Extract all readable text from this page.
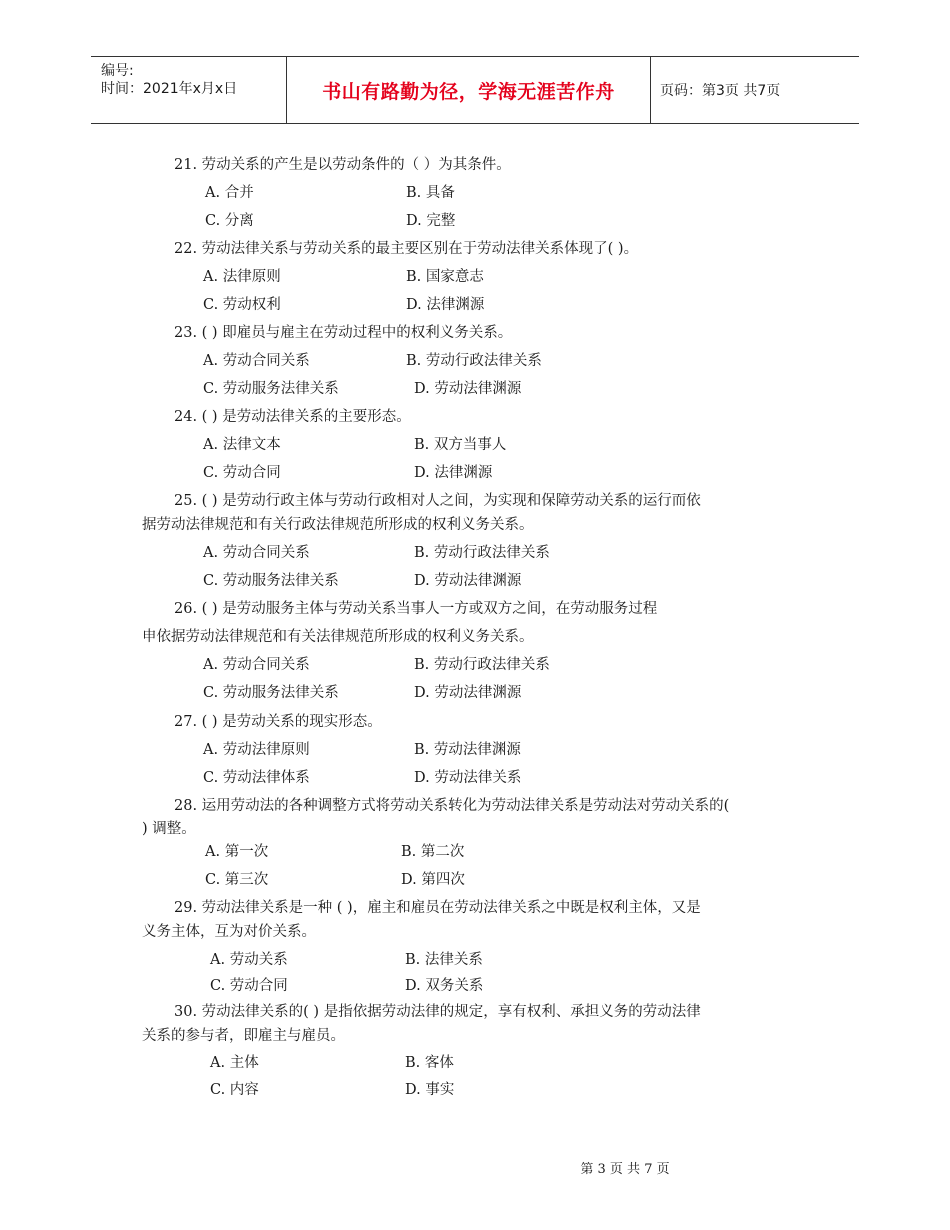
编号:
时间：2021年x月x日	书山有路勤为径，学海无涯苦作舟	页码：第3页 共7页
21. 劳动关系的产生是以劳动条件的（ ）为其条件。
A. 合并	B. 具备
C. 分离	D. 完整
22. 劳动法律关系与劳动关系的最主要区别在于劳动法律关系体现了( )。
A. 法律原则	B. 国家意志
C. 劳动权利	D. 法律渊源
23. ( ) 即雇员与雇主在劳动过程中的权利义务关系。
A. 劳动合同关系	B. 劳动行政法律关系
C. 劳动服务法律关系	D. 劳动法律渊源
24. ( ) 是劳动法律关系的主要形态。
A. 法律文本	B. 双方当事人
C. 劳动合同	D. 法律渊源
25. ( ) 是劳动行政主体与劳动行政相对人之间，为实现和保障劳动关系的运行而依
据劳动法律规范和有关行政法律规范所形成的权利义务关系。
A. 劳动合同关系	B. 劳动行政法律关系
C. 劳动服务法律关系	D. 劳动法律渊源
26. ( ) 是劳动服务主体与劳动关系当事人一方或双方之间，在劳动服务过程
申依据劳动法律规范和有关法律规范所形成的权利义务关系。
A. 劳动合同关系	B. 劳动行政法律关系
C. 劳动服务法律关系	D. 劳动法律渊源
27. ( ) 是劳动关系的现实形态。
A. 劳动法律原则	B. 劳动法律渊源
C. 劳动法律体系	D. 劳动法律关系
28. 运用劳动法的各种调整方式将劳动关系转化为劳动法律关系是劳动法对劳动关系的(
) 调整。
A. 第一次	B. 第二次
C. 第三次	D. 第四次
29. 劳动法律关系是一种 ( )，雇主和雇员在劳动法律关系之中既是权利主体，又是
义务主体，互为对价关系。
A. 劳动关系	B. 法律关系
C. 劳动合同	D. 双务关系
30. 劳动法律关系的( ) 是指依据劳动法律的规定，享有权利、承担义务的劳动法律
关系的参与者，即雇主与雇员。
A. 主体	B. 客体
C. 内容	D. 事实
第 3 页 共 7 页
